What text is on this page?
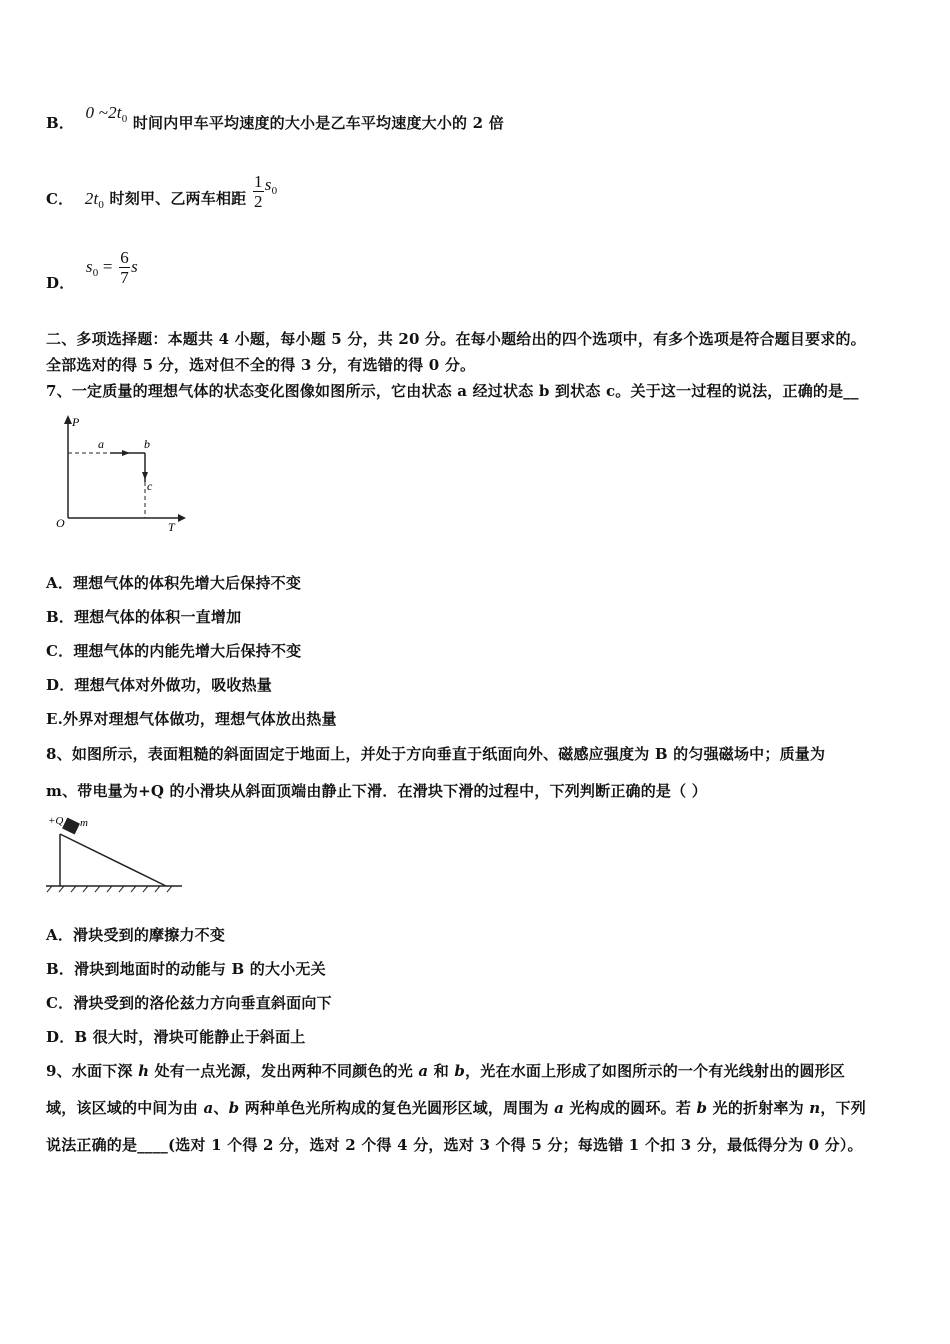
B． 0 $\sim 2t_0$ 时间内甲车平均速度的大小是乙车平均速度大小的 2 倍
C． $2t_0$ 时刻甲、乙两车相距 $\frac{1}{2} s_0$
D． $s_0 = \frac{6}{7}$ s
二、多项选择题：本题共 4 小题，每小题 5 分，共 20 分。在每小题给出的四个选项中，有多个选项是符合题目要求的。
全部选对的得 5 分，选对但不全的得 3 分，有选错的得 0 分。
7、一定质量的理想气体的状态变化图像如图所示，它由状态 a 经过状态 b 到状态 c。关于这一过程的说法，正确的是__
P
T
O
a	b
c
A．理想气体的体积先增大后保持不变
B．理想气体的体积一直增加
C．理想气体的内能先增大后保持不变
D．理想气体对外做功，吸收热量
E.外界对理想气体做功，理想气体放出热量
8、如图所示，表面粗糙的斜面固定于地面上，并处于方向垂直于纸面向外、磁感应强度为 B 的匀强磁场中；质量为
m、带电量为+Q 的小滑块从斜面顶端由静止下滑．在滑块下滑的过程中，下列判断正确的是（ ）
+Q m
A．滑块受到的摩擦力不变
B．滑块到地面时的动能与 B 的大小无关
C．滑块受到的洛伦兹力方向垂直斜面向下
D．B 很大时，滑块可能静止于斜面上
9、水面下深 h 处有一点光源，发出两种不同颜色的光 a 和 b，光在水面上形成了如图所示的一个有光线射出的圆形区
域，该区域的中间为由 a、b 两种单色光所构成的复色光圆形区域，周围为 a 光构成的圆环。若 b 光的折射率为 n，下列
说法正确的是____(选对 1 个得 2 分，选对 2 个得 4 分，选对 3 个得 5 分；每选错 1 个扣 3 分，最低得分为 0 分）。
